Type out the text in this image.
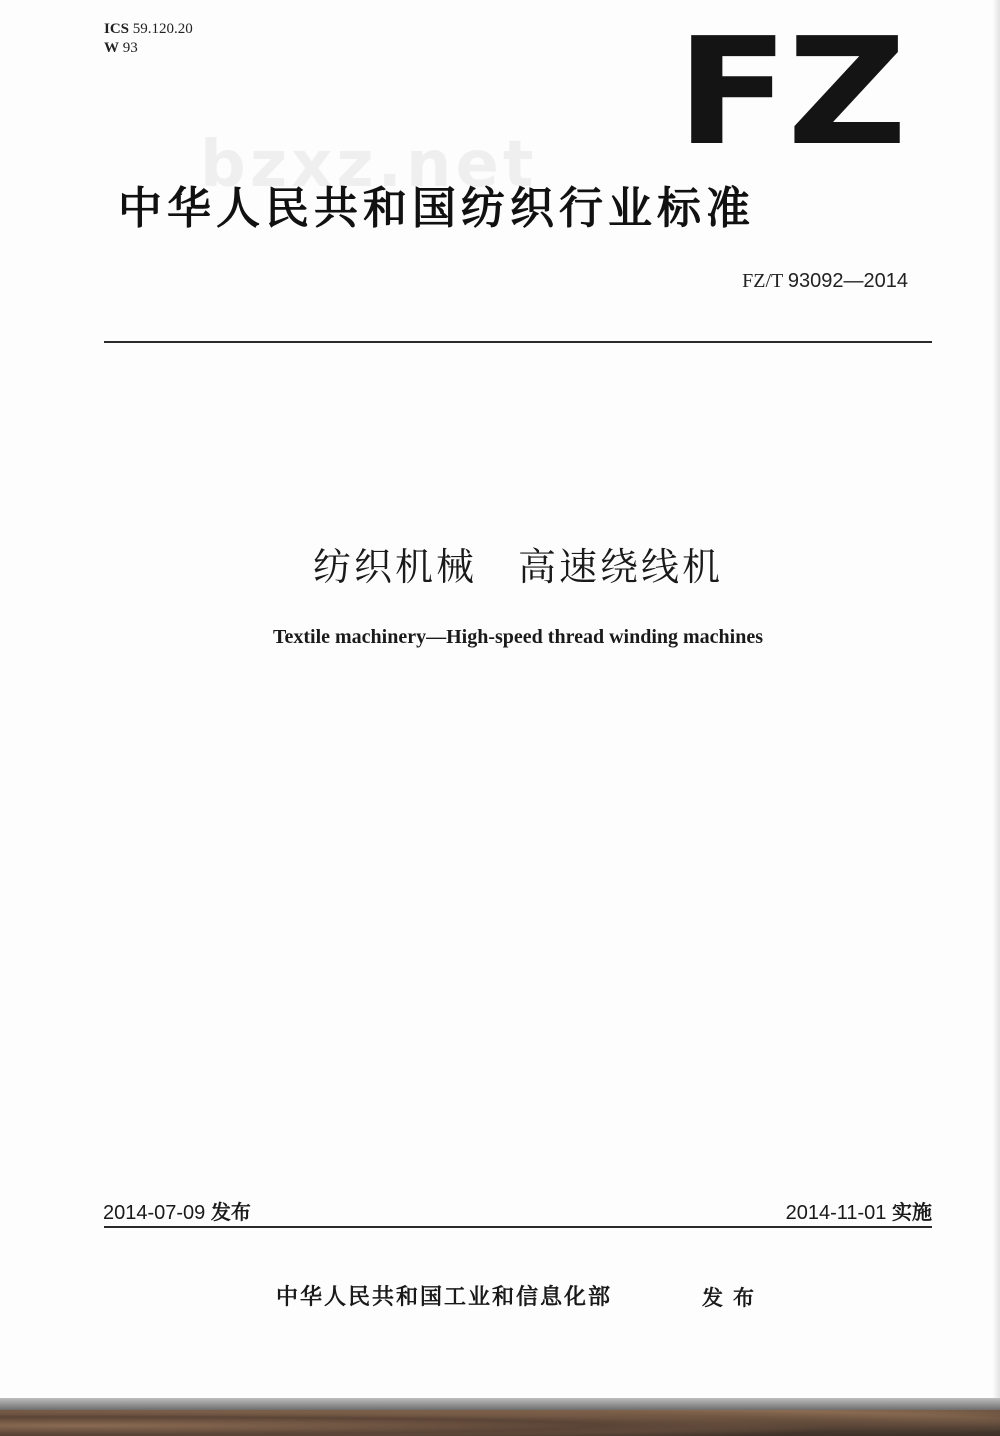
ICS 59.120.20
W 93	FZ
bzxz.net
中华人民共和国纺织行业标准
FZ/T 93092—2014
纺织机械　高速绕线机
Textile machinery—High-speed thread winding machines
2014-07-09 发布	2014-11-01 实施
中华人民共和国工业和信息化部	发布
